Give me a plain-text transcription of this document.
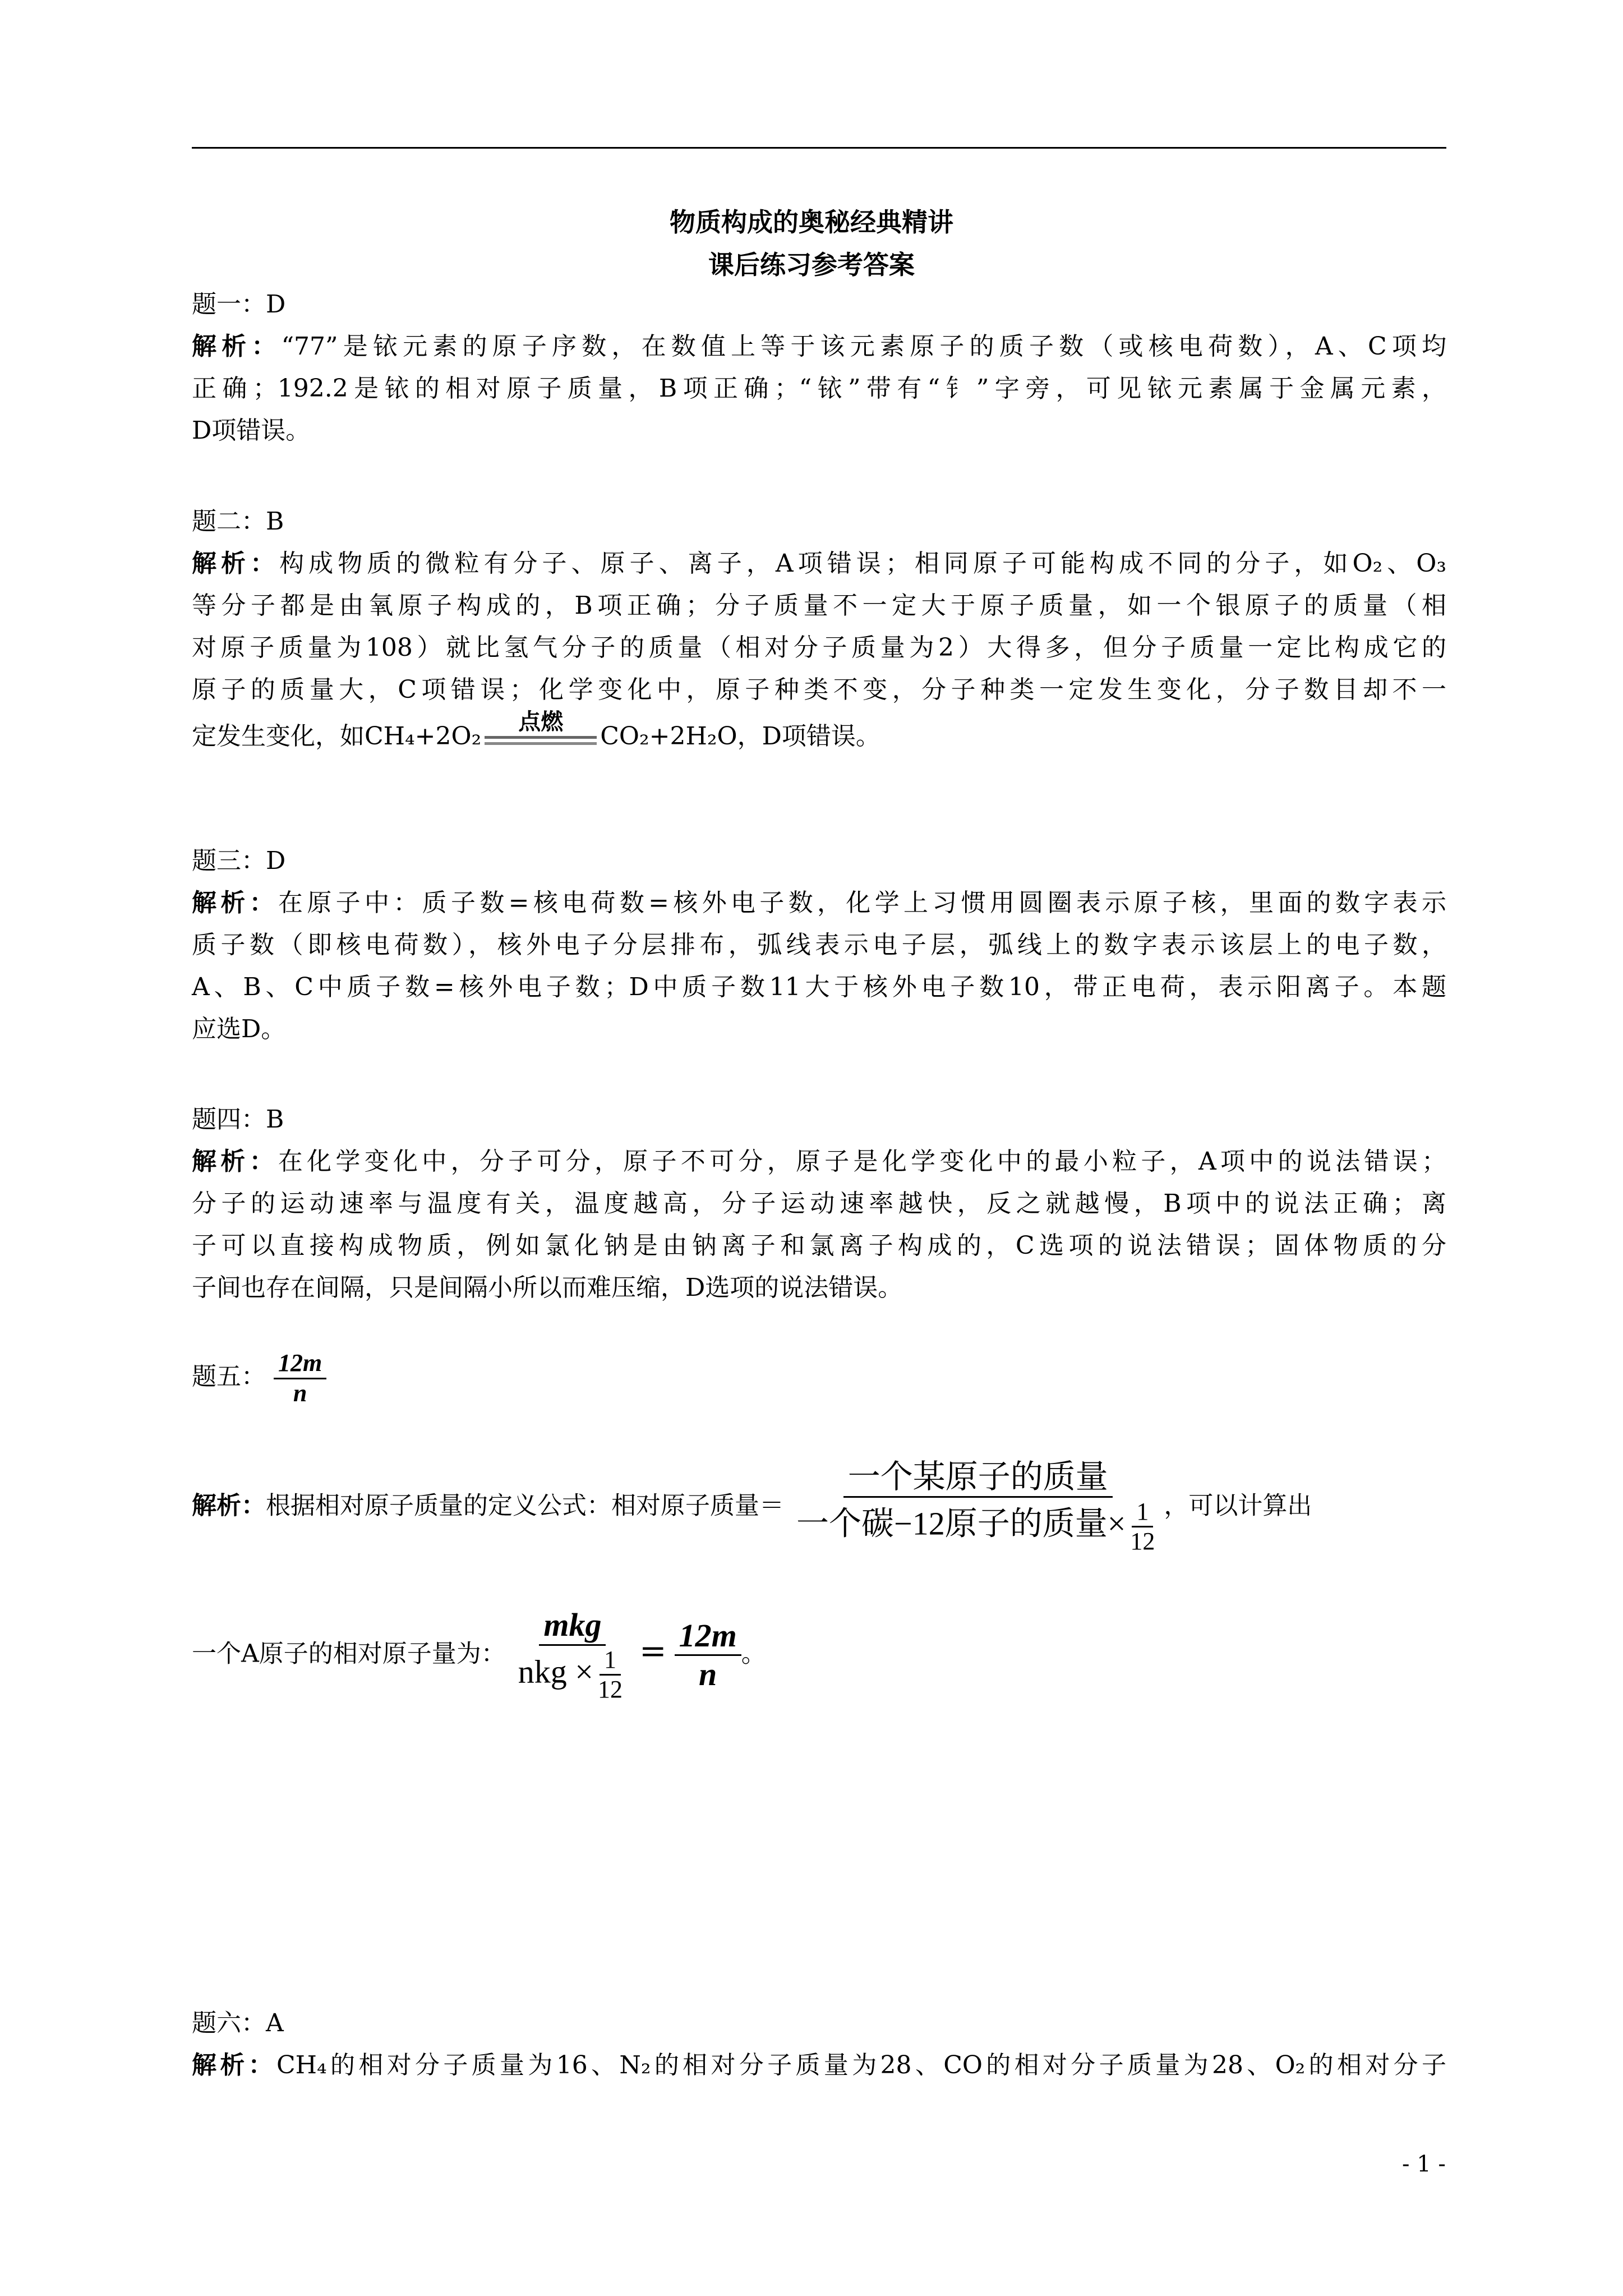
物质构成的奥秘经典精讲
课后练习参考答案
题一：D
解析：“77”是铱元素的原子序数，在数值上等于该元素原子的质子数（或核电荷数），A、C项均
正确；192.2是铱的相对原子质量，B项正确；“铱”带有“钅”字旁，可见铱元素属于金属元素，
D项错误。
题二：B
解析：构成物质的微粒有分子、原子、离子，A项错误；相同原子可能构成不同的分子，如O₂、O₃
等分子都是由氧原子构成的，B项正确；分子质量不一定大于原子质量，如一个银原子的质量（相
对原子质量为108）就比氢气分子的质量（相对分子质量为2）大得多，但分子质量一定比构成它的
原子的质量大，C项错误；化学变化中，原子种类不变，分子种类一定发生变化，分子数目却不一
定发生变化，如CH₄+2O₂
点燃
CO₂+2H₂O，D项错误。
题三：D
解析：在原子中：质子数=核电荷数=核外电子数，化学上习惯用圆圈表示原子核，里面的数字表示
质子数（即核电荷数），核外电子分层排布，弧线表示电子层，弧线上的数字表示该层上的电子数，
A、B、C中质子数=核外电子数；D中质子数11大于核外电子数10，带正电荷，表示阳离子。本题
应选D。
题四：B
解析：在化学变化中，分子可分，原子不可分，原子是化学变化中的最小粒子，A项中的说法错误；
分子的运动速率与温度有关，温度越高，分子运动速率越快，反之就越慢，B项中的说法正确；离
子可以直接构成物质，例如氯化钠是由钠离子和氯离子构成的，C选项的说法错误；固体物质的分
子间也存在间隔，只是间隔小所以而难压缩，D选项的说法错误。
题五： $\frac{12m}{n}$
解析：根据相对原子质量的定义公式：相对原子质量＝ $\frac{\text{一个某原子的质量}}{一个碳-12原子的质量\times \frac{1}{12}}$ ，可以计算出
一个A原子的相对原子量为： $\frac{\text{mkg}}{nkg \times \frac{1}{12}} = \frac{12m}{n}$ 。
题六：A
解析：CH₄的相对分子质量为16、N₂的相对分子质量为28、CO的相对分子质量为28、O₂的相对分子
- 1 -
